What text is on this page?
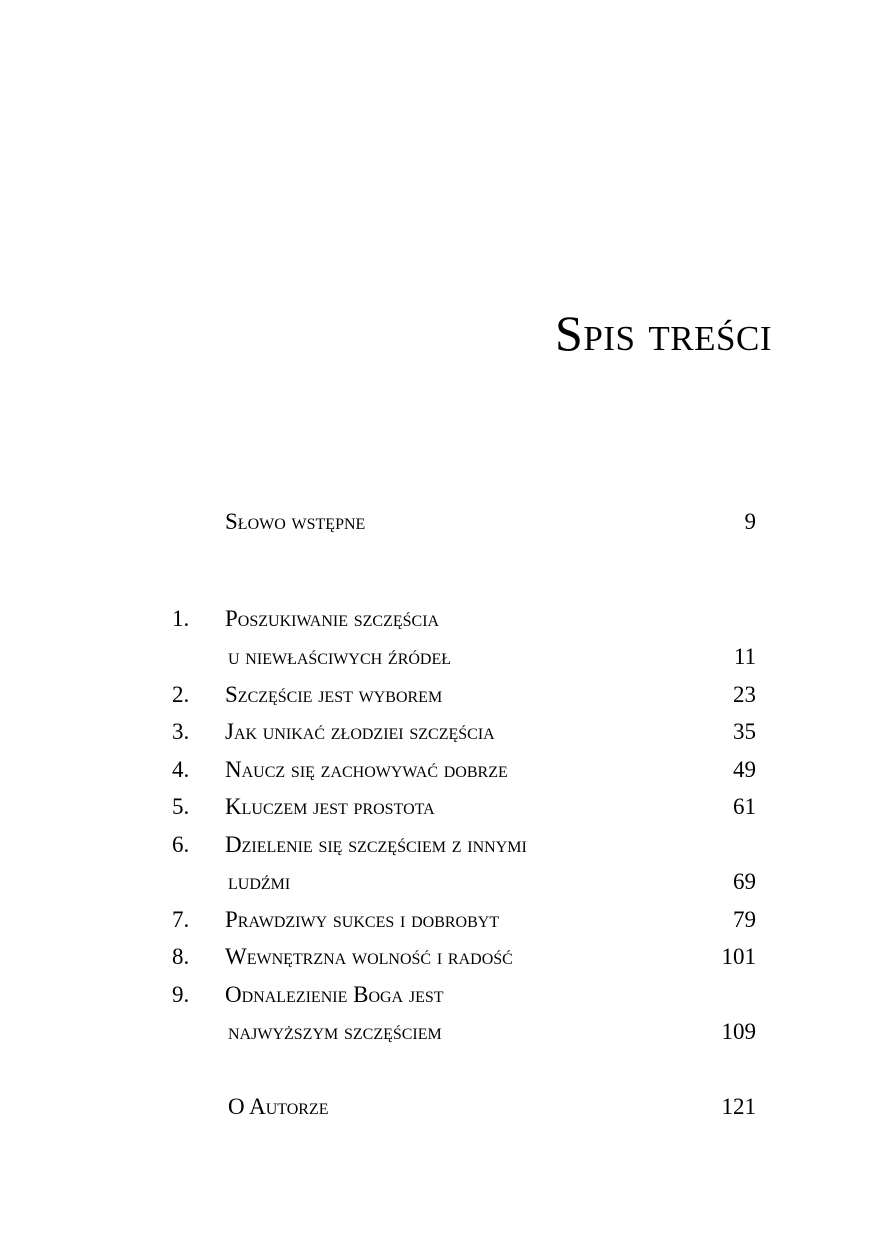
Spis treści
Słowo wstępne	9
1. Poszukiwanie szczęścia
u niewłaściwych źródeł	11
2. Szczęście jest wyborem	23
3. Jak unikać złodziei szczęścia	35
4. Naucz się zachowywać dobrze	49
5. Kluczem jest prostota	61
6. Dzielenie się szczęściem z innymi
ludźmi	69
7. Prawdziwy sukces i dobrobyt	79
8. Wewnętrzna wolność i radość	101
9. Odnalezienie Boga jest
najwyższym szczęściem	109
O Autorze	121
